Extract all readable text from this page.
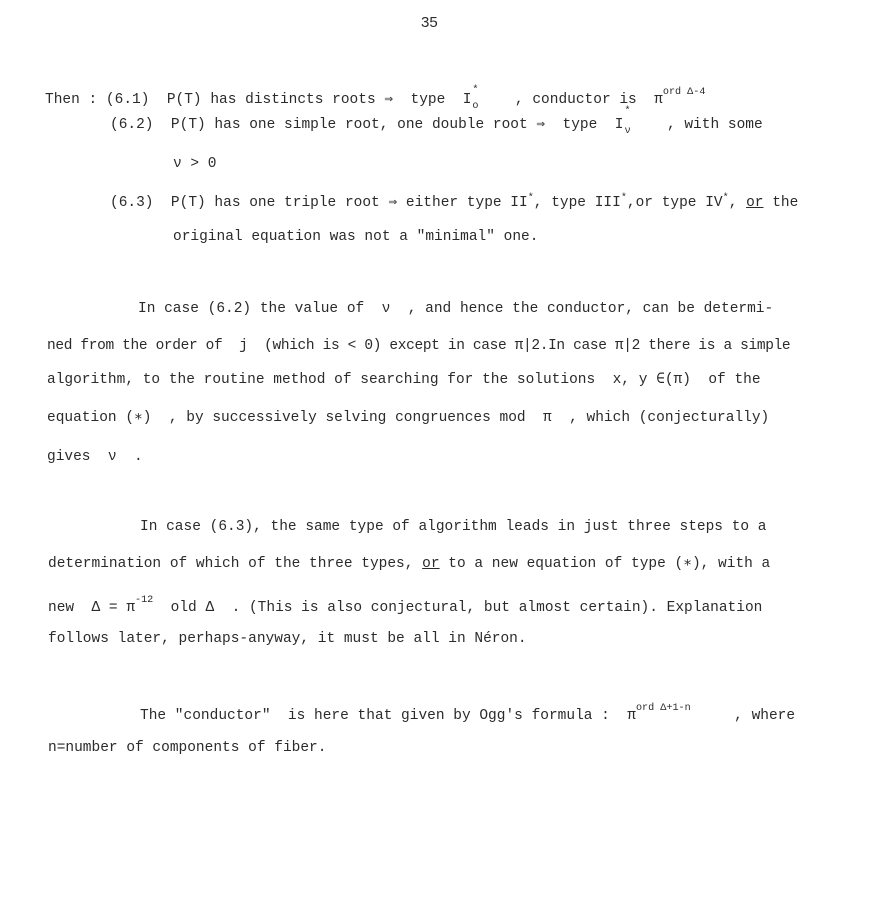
35
Then : (6.1) P(T) has distincts roots ⇒  type I
*
o , conductor is $\pi^{ord \Delta-4}$
(6.2) P(T) has one simple root, one double root ⇒  type I
*
ν , with some
ν > 0
(6.3) P(T) has one triple root ⇒ either type II*, type III*,or type IV*, or the
original equation was not a "minimal" one.
In case (6.2) the value of  ν  , and hence the conductor, can be determi-
ned from the order of  j  (which is < 0) except in case π|2.In case π|2 there is a simple
algorithm, to the routine method of searching for the solutions  x, y ∈(π)  of the
equation (∗)  , by successively selving congruences mod  π  , which (conjecturally)
gives  ν  .
In case (6.3), the same type of algorithm leads in just three steps to a
determination of which of the three types, or to a new equation of type (∗), with a
new  $\Delta = \pi^{-12}$  old Δ  . (This is also conjectural, but almost certain). Explanation
follows later, perhaps-anyway, it must be all in Néron.
The "conductor"  is here that given by Ogg's formula :  $\pi^{ord \Delta+1-n}$     , where
n=number of components of fiber.
